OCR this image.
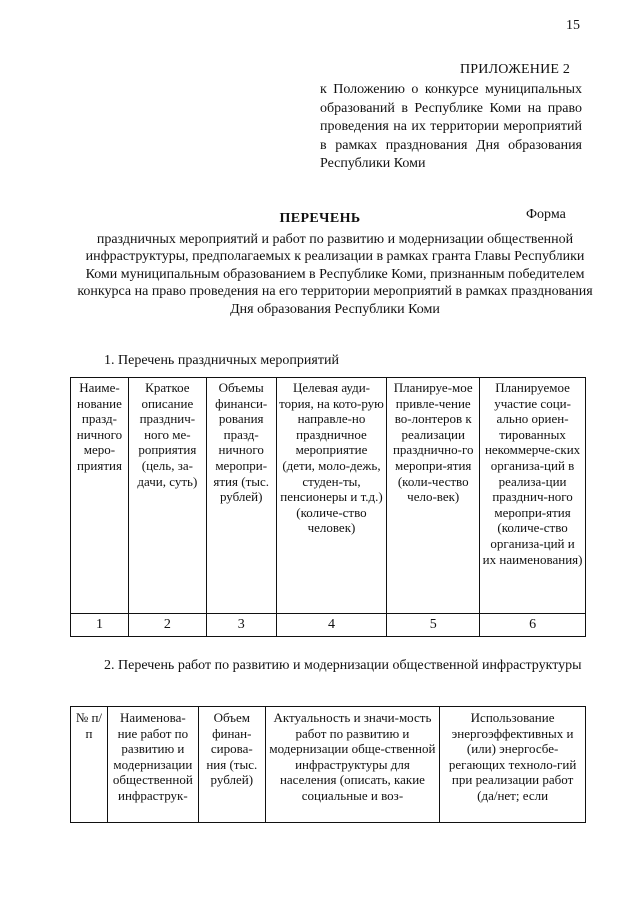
15
ПРИЛОЖЕНИЕ 2
к Положению о конкурсе муниципальных образований в Республике Коми на право проведения на их территории мероприятий в рамках празднования Дня образования Республики Коми
Форма
ПЕРЕЧЕНЬ
праздничных мероприятий и работ по развитию и модернизации общественной инфраструктуры, предполагаемых к реализации в рамках гранта Главы Республики Коми муниципальным образованием в Республике Коми, признанным победителем конкурса на право проведения на его территории мероприятий в рамках празднования Дня образования Республики Коми
1. Перечень праздничных мероприятий
Наиме-нование празд-ничного меро-приятия	Краткое описание празднич-ного ме-роприятия (цель, за-дачи, суть)	Объемы финанси-рования празд-ничного меропри-ятия (тыс. рублей)	Целевая ауди-тория, на кото-рую направле-но праздничное мероприятие (дети, моло-дежь, студен-ты, пенсионеры и т.д.) (количе-ство человек)	Планируе-мое привле-чение во-лонтеров к реализации празднично-го меропри-ятия (коли-чество чело-век)	Планируемое участие соци-ально ориен-тированных некоммерче-ских организа-ций в реализа-ции празднич-ного меропри-ятия (количе-ство организа-ций и их наименования)
1	2	3	4	5	6
2. Перечень работ по развитию и модернизации общественной инфраструктуры
№ п/п	Наименова-ние работ по развитию и модернизации общественной инфраструк-	Объем финан-сирова-ния (тыс. рублей)	Актуальность и значи-мость работ по развитию и модернизации обще-ственной инфраструктуры для населения (описать, какие социальные и воз-	Использование энергоэффективных и (или) энергосбе-регающих техноло-гий при реализации работ (да/нет; если
